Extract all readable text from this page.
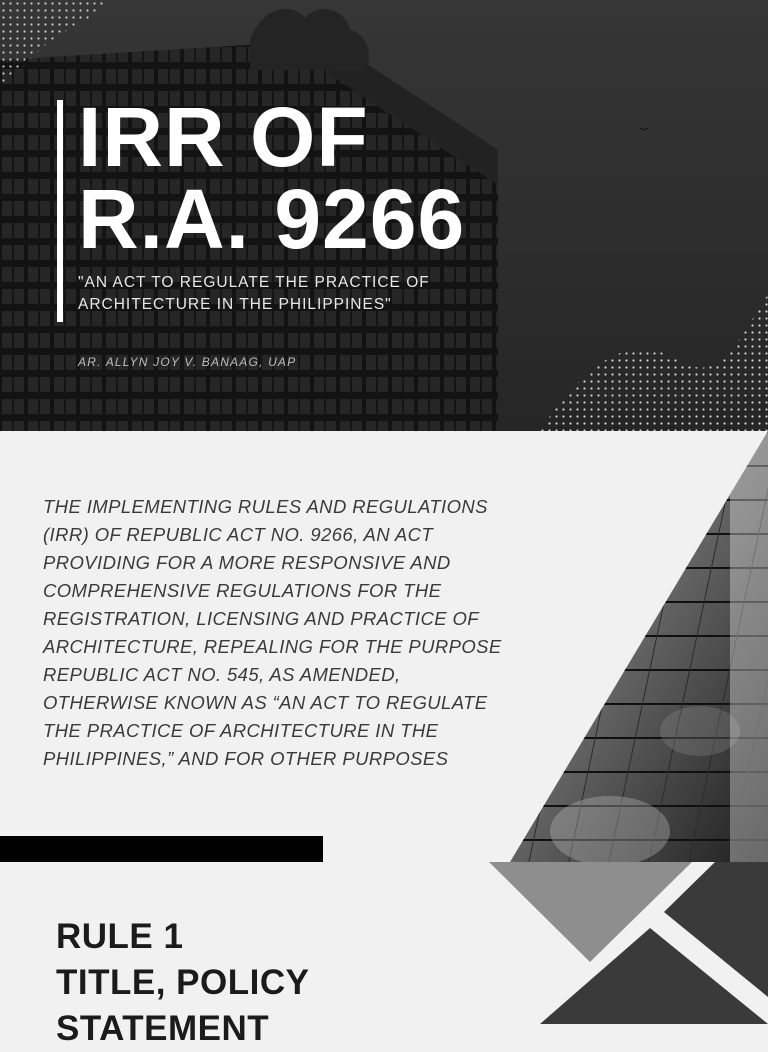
IRR OF
R.A. 9266

"AN ACT TO REGULATE THE PRACTICE OF ARCHITECTURE IN THE PHILIPPINES"

AR. ALLYN JOY V. BANAAG, UAP

THE IMPLEMENTING RULES AND REGULATIONS (IRR) OF REPUBLIC ACT NO. 9266, AN ACT PROVIDING FOR A MORE RESPONSIVE AND COMPREHENSIVE REGULATIONS FOR THE REGISTRATION, LICENSING AND PRACTICE OF ARCHITECTURE, REPEALING FOR THE PURPOSE REPUBLIC ACT NO. 545, AS AMENDED, OTHERWISE KNOWN AS “AN ACT TO REGULATE THE PRACTICE OF ARCHITECTURE IN THE PHILIPPINES,” AND FOR OTHER PURPOSES

RULE 1
TITLE, POLICY
STATEMENT
